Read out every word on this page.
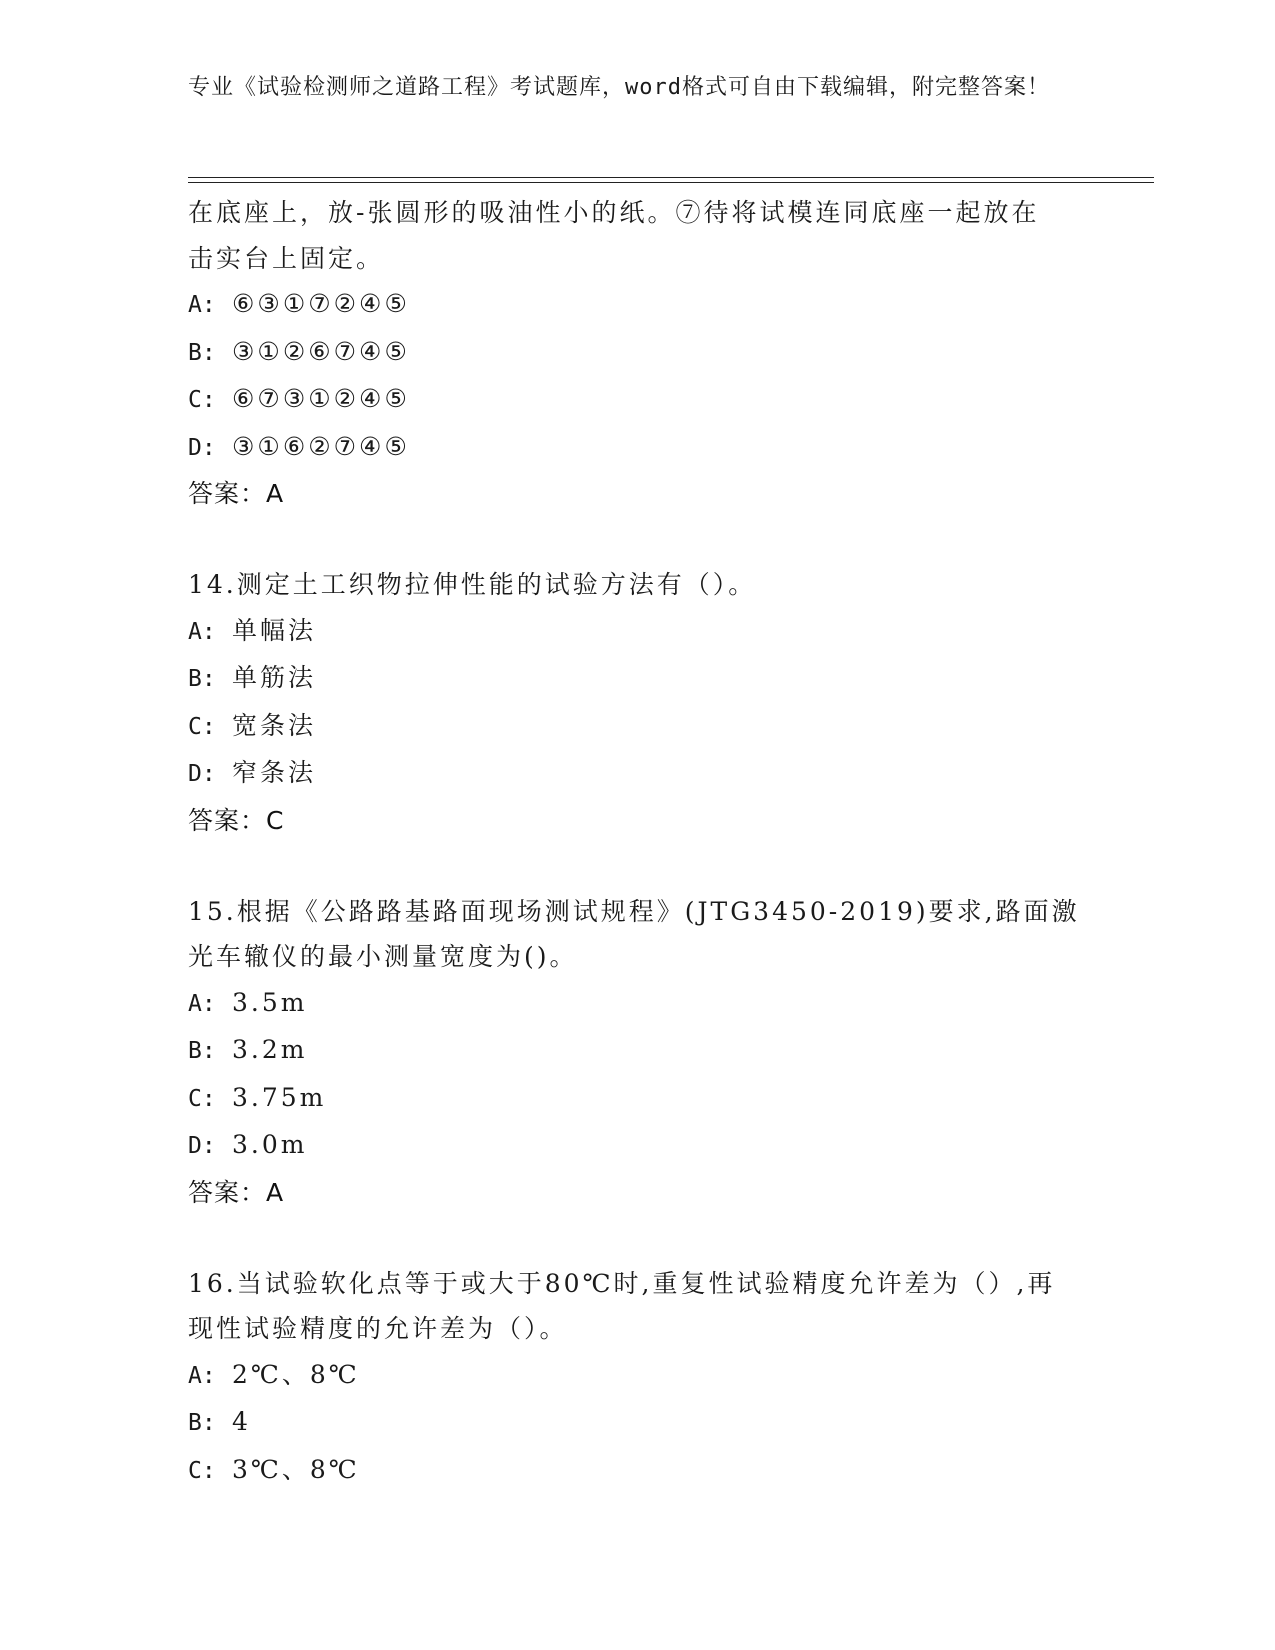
专业《试验检测师之道路工程》考试题库，word格式可自由下载编辑，附完整答案！
在底座上，放-张圆形的吸油性小的纸。⑦待将试模连同底座一起放在
击实台上固定。
A: ⑥③①⑦②④⑤
B: ③①②⑥⑦④⑤
C: ⑥⑦③①②④⑤
D: ③①⑥②⑦④⑤
答案：A
14.测定土工织物拉伸性能的试验方法有（）。
A: 单幅法
B: 单筋法
C: 宽条法
D: 窄条法
答案：C
15.根据《公路路基路面现场测试规程》(JTG3450-2019)要求,路面激
光车辙仪的最小测量宽度为()。
A: 3.5m
B: 3.2m
C: 3.75m
D: 3.0m
答案：A
16.当试验软化点等于或大于80℃时,重复性试验精度允许差为（）,再
现性试验精度的允许差为（）。
A: 2℃、8℃
B: 4
C: 3℃、8℃
